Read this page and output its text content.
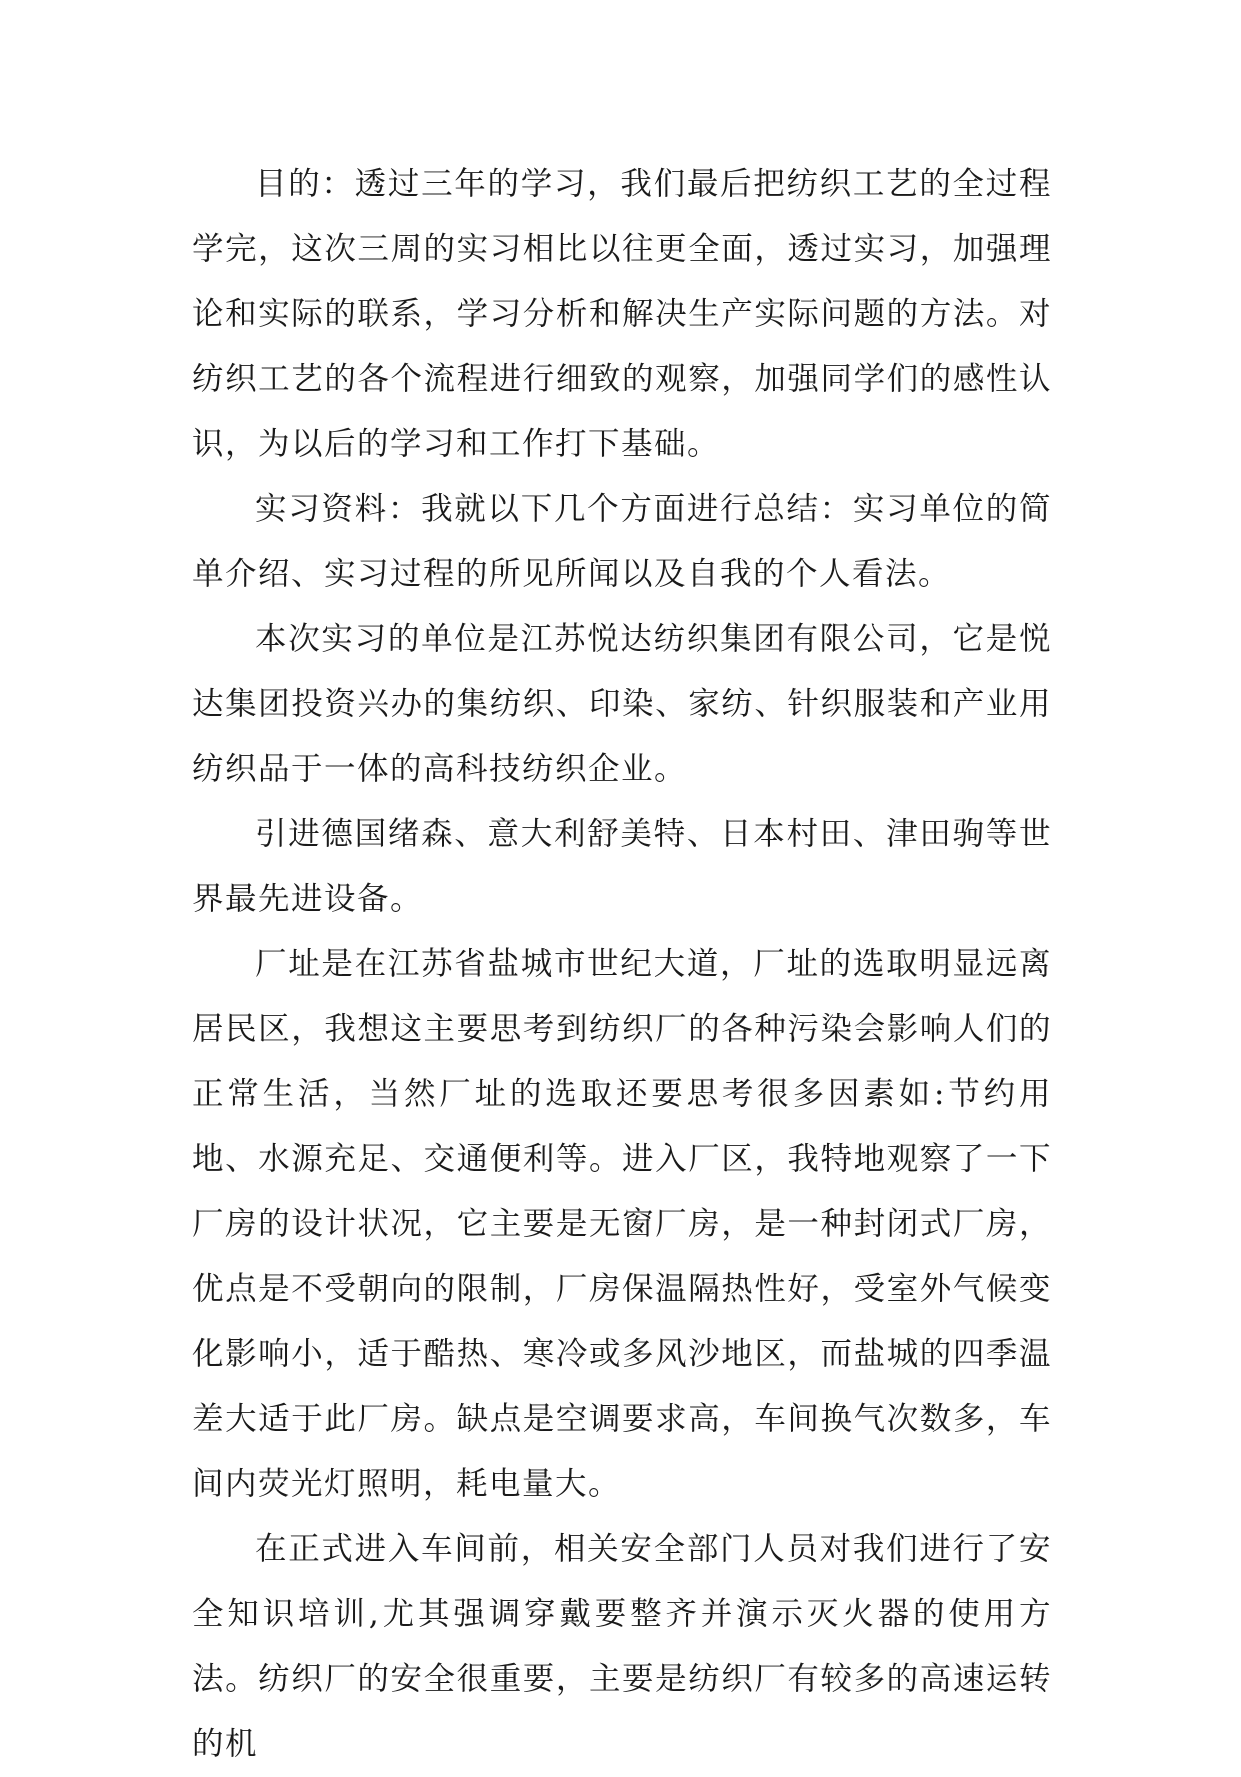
目的：透过三年的学习，我们最后把纺织工艺的全过程学完，这次三周的实习相比以往更全面，透过实习，加强理论和实际的联系，学习分析和解决生产实际问题的方法。对纺织工艺的各个流程进行细致的观察，加强同学们的感性认识，为以后的学习和工作打下基础。

实习资料：我就以下几个方面进行总结：实习单位的简单介绍、实习过程的所见所闻以及自我的个人看法。

本次实习的单位是江苏悦达纺织集团有限公司，它是悦达集团投资兴办的集纺织、印染、家纺、针织服装和产业用纺织品于一体的高科技纺织企业。

引进德国绪森、意大利舒美特、日本村田、津田驹等世界最先进设备。

厂址是在江苏省盐城市世纪大道，厂址的选取明显远离居民区，我想这主要思考到纺织厂的各种污染会影响人们的正常生活，当然厂址的选取还要思考很多因素如:节约用地、水源充足、交通便利等。进入厂区，我特地观察了一下厂房的设计状况，它主要是无窗厂房，是一种封闭式厂房，优点是不受朝向的限制，厂房保温隔热性好，受室外气候变化影响小，适于酷热、寒冷或多风沙地区，而盐城的四季温差大适于此厂房。缺点是空调要求高，车间换气次数多，车间内荧光灯照明，耗电量大。

在正式进入车间前，相关安全部门人员对我们进行了安全知识培训,尤其强调穿戴要整齐并演示灭火器的使用方法。纺织厂的安全很重要，主要是纺织厂有较多的高速运转的机
